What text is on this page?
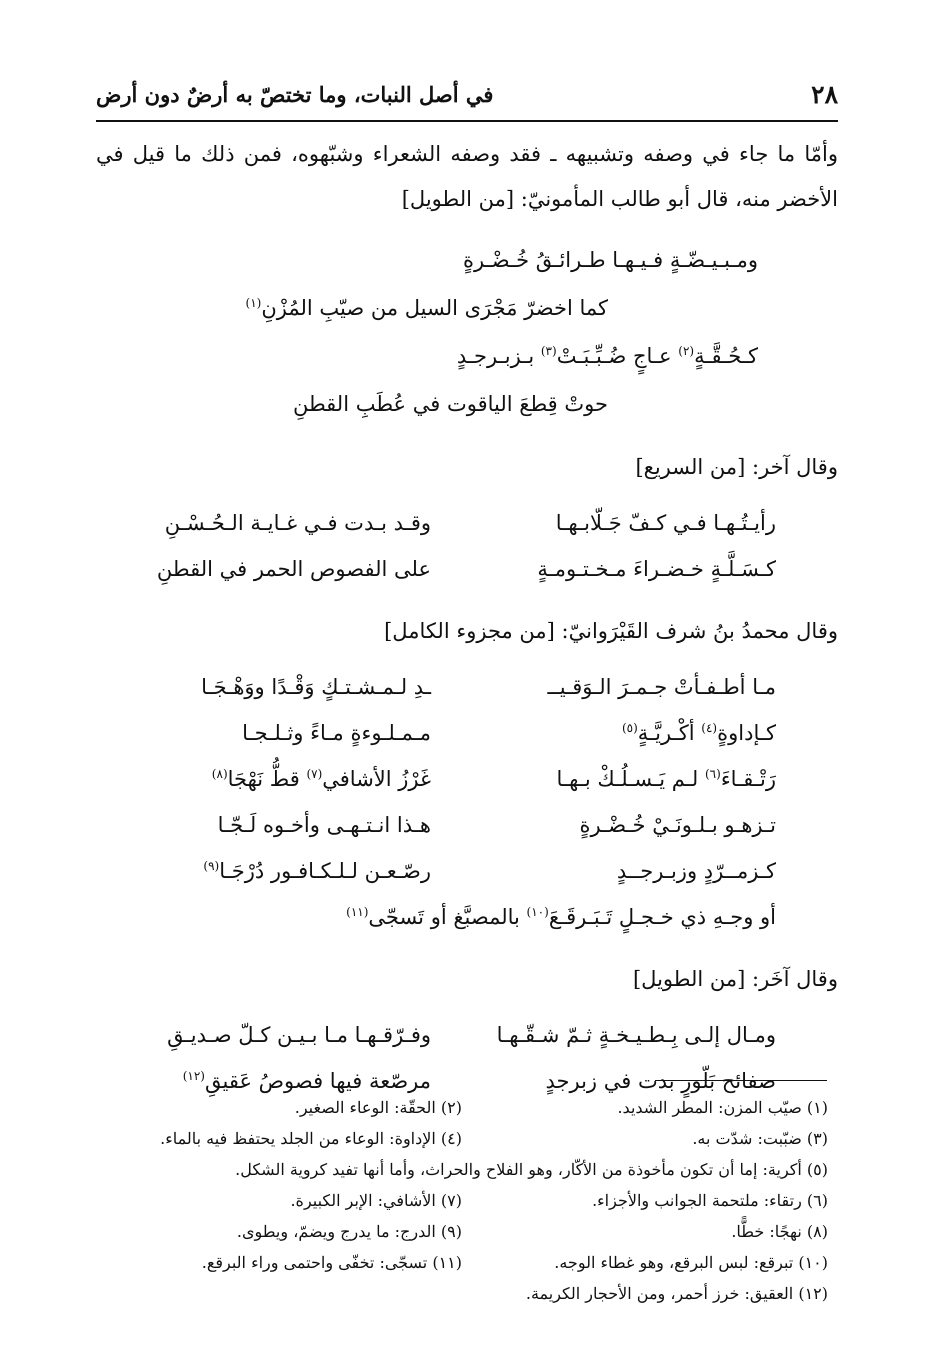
٢٨
في أصل النبات، وما تختصّ به أرضٌ دون أرض

وأمّا ما جاء في وصفه وتشبيهه ـ فقد وصفه الشعراء وشبّهوه، فمن ذلك ما قيل في الأخضر منه، قال أبو طالب المأمونيّ: [من الطويل]

ومـبـيـضّـةٍ فـيـهـا طـرائـقُ خُـضْـرةٍ
كما اخضرّ مَجْرَى السيل من صيّبِ المُزْنِ$^{(١)}$
كـحُـقَّـةٍ$^{(٢)}$ عـاجٍ ضُـبِّـبَـتْ$^{(٣)}$ بـزبـرجـدٍ
حوتْ قِطعَ الياقوت في عُطَبِ القطنِ

وقال آخر: [من السريع]

رأيـتُـهـا فـي كـفّ جَـلّابـهـا
وقـد بـدت فـي غـايـة الـحُـسْـنِ
كـسَـلَّـةٍ خـضـراءَ مـخـتـومـةٍ
على الفصوص الحمر في القطنِ

وقال محمدُ بنُ شرف القَيْرَوانيّ: [من مجزوء الكامل]

مـا أطـفـأتْ جـمـرَ الـوَقـيــ
ـدِ لـمـشـتـكٍ وَقْـدًا ووَهْـجَـا
كـإداوةٍ$^{(٤)}$ أكْـريَّـةٍ$^{(٥)}$
مـمـلـوءةٍ مـاءً وثـلـجـا
رَتْـقـاءَ$^{(٦)}$ لـم يَـسـلُـكْ بـهـا
غَرْزُ الأشافي$^{(٧)}$ قطُّ نَهْجَا$^{(٨)}$
تـزهـو بـلـونَـيْ خُـضْـرةٍ
هـذا انـتـهـى وأخـوه لَـجّـا
كـزمــرّدٍ وزبـرجــدٍ
رصّـعـن لـلـكـافـور دُرْجَـا$^{(٩)}$
أو وجـهِ ذي خـجـلٍ تَـبَـرقَـعَ$^{(١٠)}$ بالمصبَّغ أو تَسجّى$^{(١١)}$

وقال آخَر: [من الطويل]

ومـال إلـى بِـطـيـخـةٍ ثـمّ شـقّـهـا
وفـرّقـهـا مـا بـيـن كـلّ صـديـقِ
صفائح بَلّورٍ بدت في زبرجدٍ
مرصّعة فيها فصوصُ عَقيقِ$^{(١٢)}$
(١) صيّب المزن: المطر الشديد.
(٢) الحقّة: الوعاء الصغير.
(٣) ضبّبت: شدّت به.
(٤) الإداوة: الوعاء من الجلد يحتفظ فيه بالماء.
(٥) أكرية: إما أن تكون مأخوذة من الأكّار، وهو الفلاح والحراث، وأما أنها تفيد كروية الشكل.
(٦) رتقاء: ملتحمة الجوانب والأجزاء.
(٧) الأشافي: الإبر الكبيرة.
(٨) نهجًا: خطًّا.
(٩) الدرج: ما يدرج ويضمّ، ويطوى.
(١٠) تبرقع: لبس البرقع، وهو غطاء الوجه.
(١١) تسجّى: تخفّى واحتمى وراء البرقع.
(١٢) العقيق: خرز أحمر، ومن الأحجار الكريمة.
